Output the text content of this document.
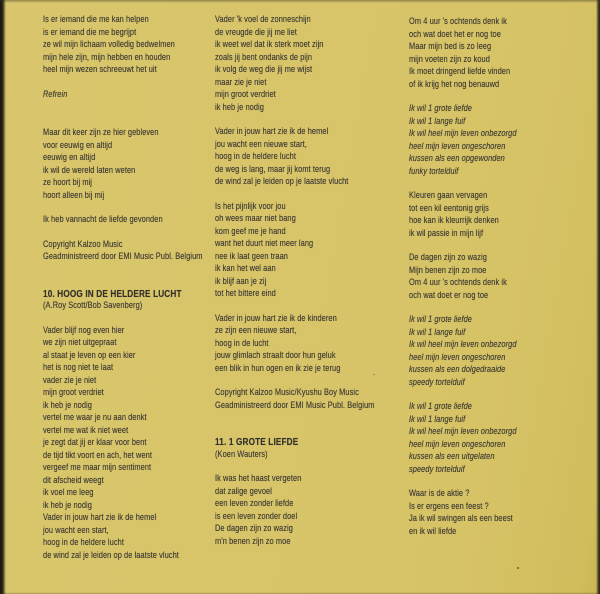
Is er iemand die me kan helpen
is er iemand die me begrijpt
ze wil mijn lichaam volledig bedwelmen
mijn hele zijn, mijn hebben en houden
heel mijn wezen schreeuwt het uit
Refrein
Maar dit keer zijn ze hier gebleven
voor eeuwig en altijd
eeuwig en altijd
ik wil de wereld laten weten
ze hoort bij mij
hoort alleen bij mij
Ik heb vannacht de liefde gevonden
Copyright Kalzoo Music
Geadministreerd door EMI Music Publ. Belgium
10. HOOG IN DE HELDERE LUCHT
(A.Roy Scott/Bob Savenberg)
Vader blijf nog even hier
we zijn niet uitgepraat
al staat je leven op een kier
het is nog niet te laat
vader zie je niet
mijn groot verdriet
ik heb je nodig
vertel me waar je nu aan denkt
vertel me wat ik niet weet
je zegt dat jij er klaar voor bent
de tijd tikt voort en ach, het went
vergeef me maar mijn sentiment
dit afscheid weegt
ik voel me leeg
ik heb je nodig
Vader in jouw hart zie ik de hemel
jou wacht een start,
hoog in de heldere lucht
de wind zal je leiden op de laatste vlucht
Vader 'k voel de zonneschijn
de vreugde die jij me liet
ik weet wel dat ik sterk moet zijn
zoals jij bent ondanks de pijn
ik volg de weg die jij me wijst
maar zie je niet
mijn groot verdriet
ik heb je nodig
Vader in jouw hart zie ik de hemel
jou wacht een nieuwe start,
hoog in de heldere lucht
de weg is lang, maar jij komt terug
de wind zal je leiden op je laatste vlucht
Is het pijnlijk voor jou
oh wees maar niet bang
kom geef me je hand
want het duurt niet meer lang
nee ik laat geen traan
ik kan het wel aan
ik blijf aan je zij
tot het bittere eind
Vader in jouw hart zie ik de kinderen
ze zijn een nieuwe start,
hoog in de lucht
jouw glimlach straalt door hun geluk
een blik in hun ogen en ik zie je terug
Copyright Kalzoo Music/Kyushu Boy Music
Geadministreerd door EMI Music Publ. Belgium
11. 1 GROTE LIEFDE
(Koen Wauters)
Ik was het haast vergeten
dat zalige gevoel
een leven zonder liefde
is een leven zonder doel
De dagen zijn zo wazig
m'n benen zijn zo moe
Om 4 uur 's ochtends denk ik
och wat doet het er nog toe
Maar mijn bed is zo leeg
mijn voeten zijn zo koud
Ik moet dringend liefde vinden
of ik krijg het nog benauwd
Ik wil 1 grote liefde
Ik wil 1 lange fuif
Ik wil heel mijn leven onbezorgd
heel mijn leven ongeschoren
kussen als een opgewonden
funky tortelduif
Kleuren gaan vervagen
tot een kil eentonig grijs
hoe kan ik kleurrijk denken
ik wil passie in mijn lijf
De dagen zijn zo wazig
Mijn benen zijn zo moe
Om 4 uur 's ochtends denk ik
och wat doet er nog toe
Ik wil 1 grote liefde
Ik wil 1 lange fuif
Ik wil heel mijn leven onbezorgd
heel mijn leven ongeschoren
kussen als een dolgedraaide
speedy tortelduif
Ik wil 1 grote liefde
Ik wil 1 lange fuif
Ik wil heel mijn leven onbezorgd
heel mijn leven ongeschoren
kussen als een uitgelaten
speedy tortelduif
Waar is de aktie ?
Is er ergens een feest ?
Ja ik wil swingen als een beest
en ik wil liefde
